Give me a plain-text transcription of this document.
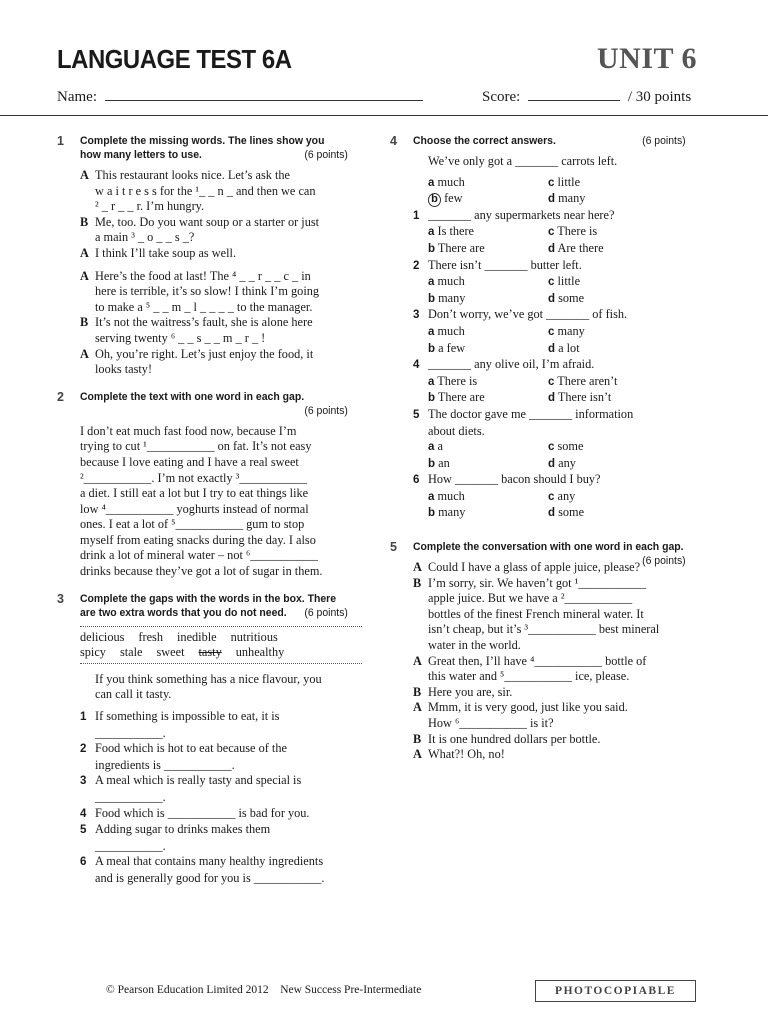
LANGUAGE TEST 6A	UNIT 6
Name:	Score:	/ 30 points
1 Complete the missing words. The lines show you how many letters to use.	(6 points)
A This restaurant looks nice. Let’s ask the
w a i t r e s s for the ¹_ _ n _ and then we can
² _ r _ _ r. I’m hungry.
B Me, too. Do you want soup or a starter or just
a main ³ _ o _ _ s _?
A I think I’ll take soup as well.
A Here’s the food at last! The ⁴ _ _ r _ _ c _ in
here is terrible, it’s so slow! I think I’m going
to make a ⁵ _ _ m _ l _ _ _ _ to the manager.
B It’s not the waitress’s fault, she is alone here
serving twenty ⁶ _ _ s _ _ m _ r _ !
A Oh, you’re right. Let’s just enjoy the food, it
looks tasty!
2 Complete the text with one word in each gap.

(6 points)

I don’t eat much fast food now, because I’m
trying to cut ¹___________ on fat. It’s not easy
because I love eating and I have a real sweet
²___________. I’m not exactly ³___________
a diet. I still eat a lot but I try to eat things like
low ⁴___________ yoghurts instead of normal
ones. I eat a lot of ⁵___________ gum to stop
myself from eating snacks during the day. I also
drink a lot of mineral water – not ⁶___________
drinks because they’ve got a lot of sugar in them.
3 Complete the gaps with the words in the box. There are two extra words that you do not need. (6 points)
delicious fresh inedible nutritious
spicy stale sweet tasty unhealthy
If you think something has a nice flavour, you
can call it tasty.
1 If something is impossible to eat, it is
___________.
2 Food which is hot to eat because of the
ingredients is ___________.
3 A meal which is really tasty and special is
___________.
4 Food which is ___________ is bad for you.
5 Adding sugar to drinks makes them
___________.
6 A meal that contains many healthy ingredients
and is generally good for you is ___________.
4 Choose the correct answers.	(6 points)
We’ve only got a _______ carrots left.
a much	c little
b few	d many
1 _______ any supermarkets near here?
a Is there	c There is
b There are	d Are there
2 There isn’t _______ butter left.
a much	c little
b many	d some
3 Don’t worry, we’ve got _______ of fish.
a much	c many
b a few	d a lot
4 _______ any olive oil, I’m afraid.
a There is	c There aren’t
b There are	d There isn’t
5 The doctor gave me _______ information
about diets.
a a	c some
b an	d any
6 How _______ bacon should I buy?
a much	c any
b many	d some
5 Complete the conversation with one word in each gap.
(6 points)
A Could I have a glass of apple juice, please?
B I’m sorry, sir. We haven’t got ¹___________
apple juice. But we have a ²___________
bottles of the finest French mineral water. It
isn’t cheap, but it’s ³___________ best mineral
water in the world.
A Great then, I’ll have ⁴___________ bottle of
this water and ⁵___________ ice, please.
B Here you are, sir.
A Mmm, it is very good, just like you said.
How ⁶___________ is it?
B It is one hundred dollars per bottle.
A What?! Oh, no!
© Pearson Education Limited 2012 New Success Pre-Intermediate	PHOTOCOPIABLE
